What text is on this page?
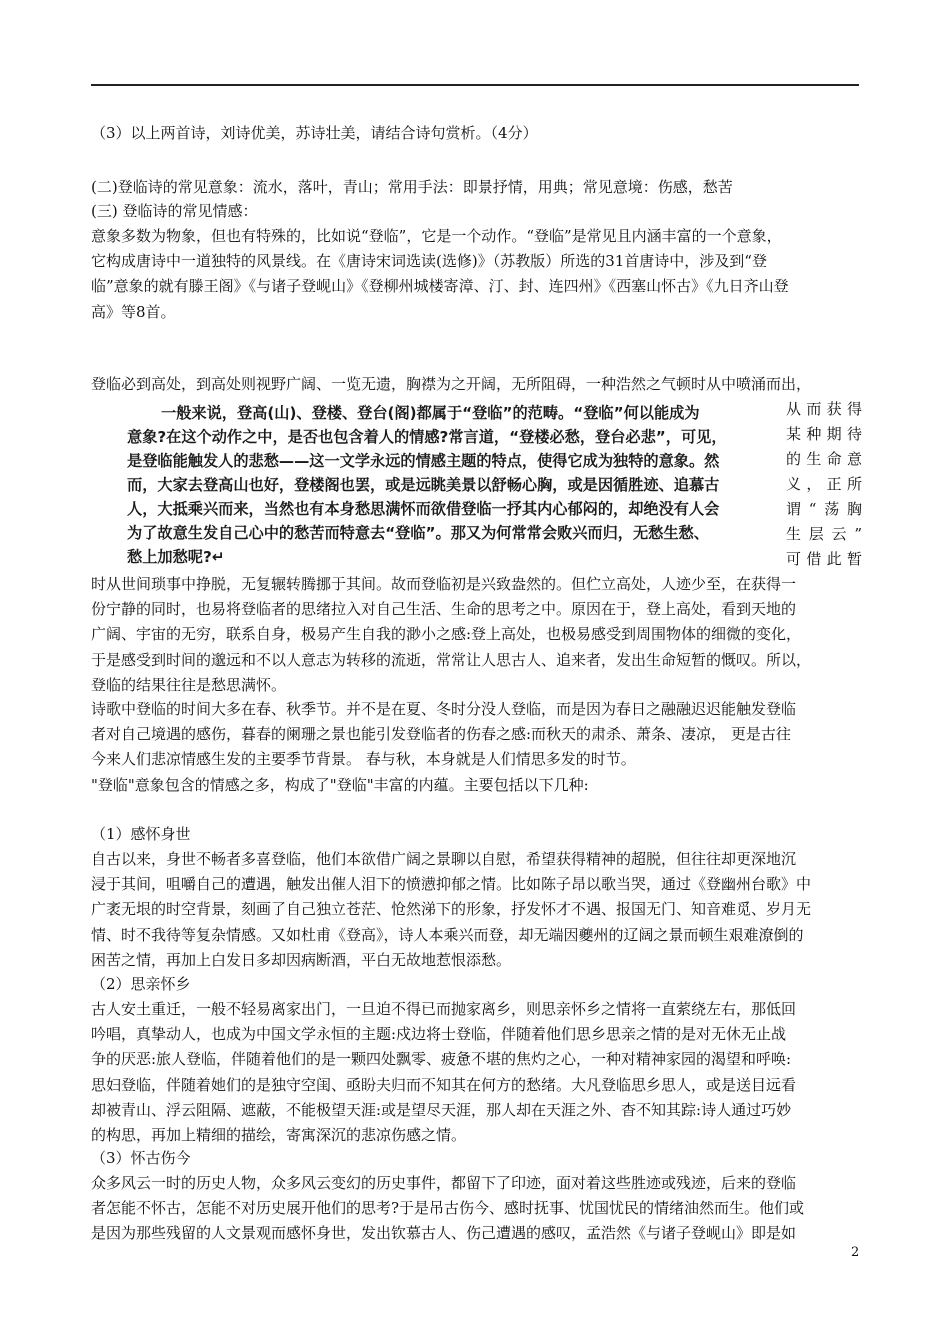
（3）以上两首诗，刘诗优美，苏诗壮美，请结合诗句赏析。（4分）
(二)登临诗的常见意象：流水，落叶，青山；常用手法：即景抒情，用典；常见意境：伤感，愁苦
(三) 登临诗的常见情感：
意象多数为物象，但也有特殊的，比如说“登临”，它是一个动作。“登临”是常见且内涵丰富的一个意象，
它构成唐诗中一道独特的风景线。在《唐诗宋词选读(选修)》（苏教版）所选的31首唐诗中，涉及到“登
临”意象的就有滕王阁》《与诸子登岘山》《登柳州城楼寄漳、汀、封、连四州》《西塞山怀古》《九日齐山登
高》等8首。
登临必到高处，到高处则视野广阔、一览无遗，胸襟为之开阔，无所阻碍，一种浩然之气顿时从中喷涌而出，
一般来说，登高(山)、登楼、登台(阁)都属于“登临”的范畴。“登临”何以能成为
意象?在这个动作之中，是否也包含着人的情感?常言道，“登楼必愁，登台必悲”，可见，
是登临能触发人的悲愁——这一文学永远的情感主题的特点，使得它成为独特的意象。然
而，大家去登高山也好，登楼阁也罢，或是远眺美景以舒畅心胸，或是因循胜迹、追慕古
人，大抵乘兴而来，当然也有本身愁思满怀而欲借登临一抒其内心郁闷的，却绝没有人会
为了故意生发自己心中的愁苦而特意去“登临”。那又为何常常会败兴而归，无愁生愁、
愁上加愁呢?↵
从而获得
某种期待
的生命意
义，正所
谓“荡胸
生层云”
可借此暂
时从世间琐事中挣脱，无复辗转腾挪于其间。故而登临初是兴致盎然的。但伫立高处，人迹少至，在获得一
份宁静的同时，也易将登临者的思绪拉入对自己生活、生命的思考之中。原因在于，登上高处，看到天地的
广阔、宇宙的无穷，联系自身，极易产生自我的渺小之感:登上高处，也极易感受到周围物体的细微的变化，
于是感受到时间的邈远和不以人意志为转移的流逝，常常让人思古人、追来者，发出生命短暂的慨叹。所以，
登临的结果往往是愁思满怀。
诗歌中登临的时间大多在春、秋季节。并不是在夏、冬时分没人登临，而是因为春日之融融迟迟能触发登临
者对自己境遇的感伤，暮春的阑珊之景也能引发登临者的伤春之感:而秋天的肃杀、萧条、凄凉， 更是古往
今来人们悲凉情感生发的主要季节背景。 春与秋，本身就是人们情思多发的时节。
"登临"意象包含的情感之多，构成了"登临"丰富的内蕴。主要包括以下几种:
（1）感怀身世
自古以来，身世不畅者多喜登临，他们本欲借广阔之景聊以自慰，希望获得精神的超脱，但往往却更深地沉
浸于其间，咀嚼自己的遭遇，触发出催人泪下的愤懑抑郁之情。比如陈子昂以歌当哭，通过《登幽州台歌》中
广袤无垠的时空背景，刻画了自己独立苍茫、怆然涕下的形象，抒发怀才不遇、报国无门、知音难觅、岁月无
情、时不我待等复杂情感。又如杜甫《登高》，诗人本乘兴而登，却无端因夔州的辽阔之景而顿生艰难潦倒的
困苦之情，再加上白发日多却因病断酒，平白无故地惹恨添愁。
（2）思亲怀乡
古人安土重迁，一般不轻易离家出门，一旦迫不得已而抛家离乡，则思亲怀乡之情将一直萦绕左右，那低回
吟唱，真挚动人，也成为中国文学永恒的主题:戍边将士登临，伴随着他们思乡思亲之情的是对无休无止战
争的厌恶:旅人登临，伴随着他们的是一颗四处飘零、疲惫不堪的焦灼之心，一种对精神家园的渴望和呼唤:
思妇登临，伴随着她们的是独守空闺、亟盼夫归而不知其在何方的愁绪。大凡登临思乡思人，或是送目远看
却被青山、浮云阻隔、遮蔽，不能极望天涯:或是望尽天涯，那人却在天涯之外、杳不知其踪:诗人通过巧妙
的构思，再加上精细的描绘，寄寓深沉的悲凉伤感之情。
（3）怀古伤今
众多风云一时的历史人物，众多风云变幻的历史事件，都留下了印迹，面对着这些胜迹或残迹，后来的登临
者怎能不怀古，怎能不对历史展开他们的思考?于是吊古伤今、感时抚事、忧国忧民的情绪油然而生。他们或
是因为那些残留的人文景观而感怀身世，发出钦慕古人、伤己遭遇的感叹，孟浩然《与诸子登岘山》即是如
2
